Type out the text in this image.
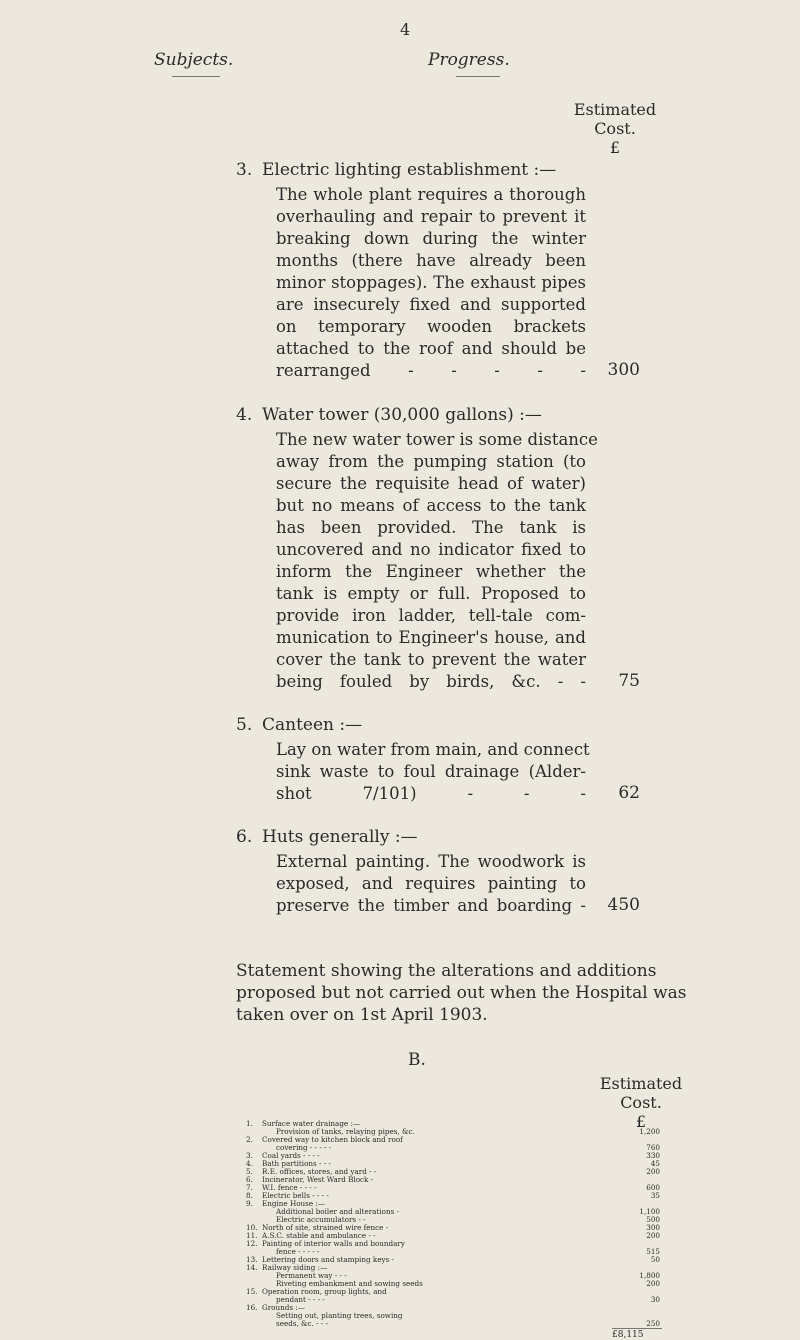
4
Subjects.	Progress.
Estimated
Cost.
£
3. Electric lighting establishment :—
The whole plant requires a thorough
overhauling and repair to prevent it
breaking down during the winter
months (there have already been
minor stoppages). The exhaust pipes
are insecurely fixed and supported
on temporary wooden brackets
attached to the roof and should be
rearranged - - - - -	300
4. Water tower (30,000 gallons) :—
The new water tower is some distance
away from the pumping station (to
secure the requisite head of water)
but no means of access to the tank
has been provided. The tank is
uncovered and no indicator fixed to
inform the Engineer whether the
tank is empty or full. Proposed to
provide iron ladder, tell-tale com-
munication to Engineer's house, and
cover the tank to prevent the water
being fouled by birds, &c. - -	75
5. Canteen :—
Lay on water from main, and connect
sink waste to foul drainage (Alder-
shot 7/101) - - -	62
6. Huts generally :—
External painting. The woodwork is
exposed, and requires painting to
preserve the timber and boarding -	450
Statement showing the alterations and additions
proposed but not carried out when the Hospital was
taken over on 1st April 1903.
B.
Estimated
Cost.
£
1. Surface water drainage :—
Provision of tanks, relaying pipes, &c.	1,200
2. Covered way to kitchen block and roof
covering - - - - -	760
3. Coal yards - - - -	330
4. Bath partitions - - -	45
5. R.E. offices, stores, and yard - -	200
6. Incinerator, West Ward Block -
7. W.I. fence - - - -	600
8. Electric bells - - - -	35
9. Engine House :—
Additional boiler and alterations -	1,100
Electric accumulators - -	500
10. North of site, strained wire fence -	300
11. A.S.C. stable and ambulance - -	200
12. Painting of interior walls and boundary
fence - - - - -	515
13. Lettering doors and stamping keys -	50
14. Railway siding :—
Permanent way - - -	1,800
Riveting embankment and sowing seeds	200
15. Operation room, group lights, and
pendant - - - -	30
16. Grounds :—
Setting out, planting trees, sowing
seeds, &c. - - -	250
£8,115
